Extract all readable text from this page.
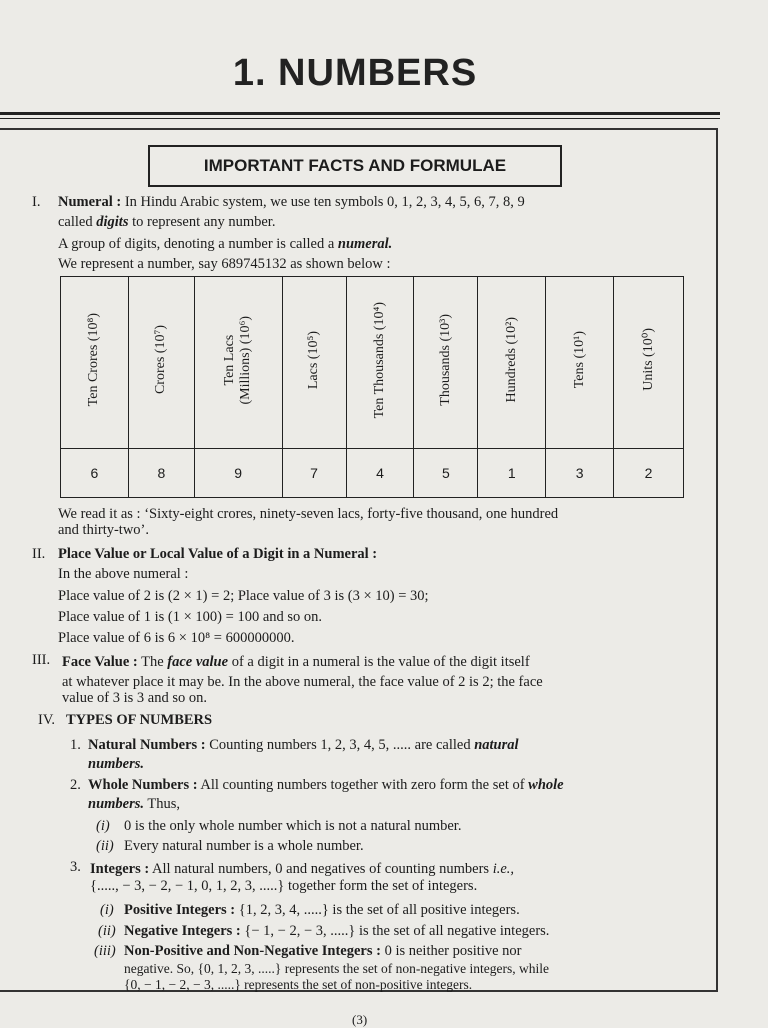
1. NUMBERS
IMPORTANT FACTS AND FORMULAE
I. Numeral : In Hindu Arabic system, we use ten symbols 0, 1, 2, 3, 4, 5, 6, 7, 8, 9
called digits to represent any number.
A group of digits, denoting a number is called a numeral.
We represent a number, say 689745132 as shown below :
Ten Crores (10⁸)	Crores (10⁷)	Ten Lacs
(Millions) (10⁶)	Lacs (10⁵)	Ten Thousands (10⁴)	Thousands (10³)	Hundreds (10²)	Tens (10¹)	Units (10⁰)
6	8	9	7	4	5	1	3	2
We read it as : ‘Sixty-eight crores, ninety-seven lacs, forty-five thousand, one hundred
and thirty-two’.
II. Place Value or Local Value of a Digit in a Numeral :
In the above numeral :
Place value of 2 is (2 × 1) = 2; Place value of 3 is (3 × 10) = 30;
Place value of 1 is (1 × 100) = 100 and so on.
Place value of 6 is 6 × 10⁸ = 600000000.
III. Face Value : The face value of a digit in a numeral is the value of the digit itself
at whatever place it may be. In the above numeral, the face value of 2 is 2; the face
value of 3 is 3 and so on.
IV. TYPES OF NUMBERS
1. Natural Numbers : Counting numbers 1, 2, 3, 4, 5, ..... are called natural
numbers.
2. Whole Numbers : All counting numbers together with zero form the set of whole
numbers. Thus,
(i) 0 is the only whole number which is not a natural number.
(ii) Every natural number is a whole number.
3. Integers : All natural numbers, 0 and negatives of counting numbers i.e.,
{....., − 3, − 2, − 1, 0, 1, 2, 3, .....} together form the set of integers.
(i) Positive Integers : {1, 2, 3, 4, .....} is the set of all positive integers.
(ii) Negative Integers : {− 1, − 2, − 3, .....} is the set of all negative integers.
(iii) Non-Positive and Non-Negative Integers : 0 is neither positive nor
negative. So, {0, 1, 2, 3, .....} represents the set of non-negative integers, while
{0, − 1, − 2, − 3, .....} represents the set of non-positive integers.
(3)
